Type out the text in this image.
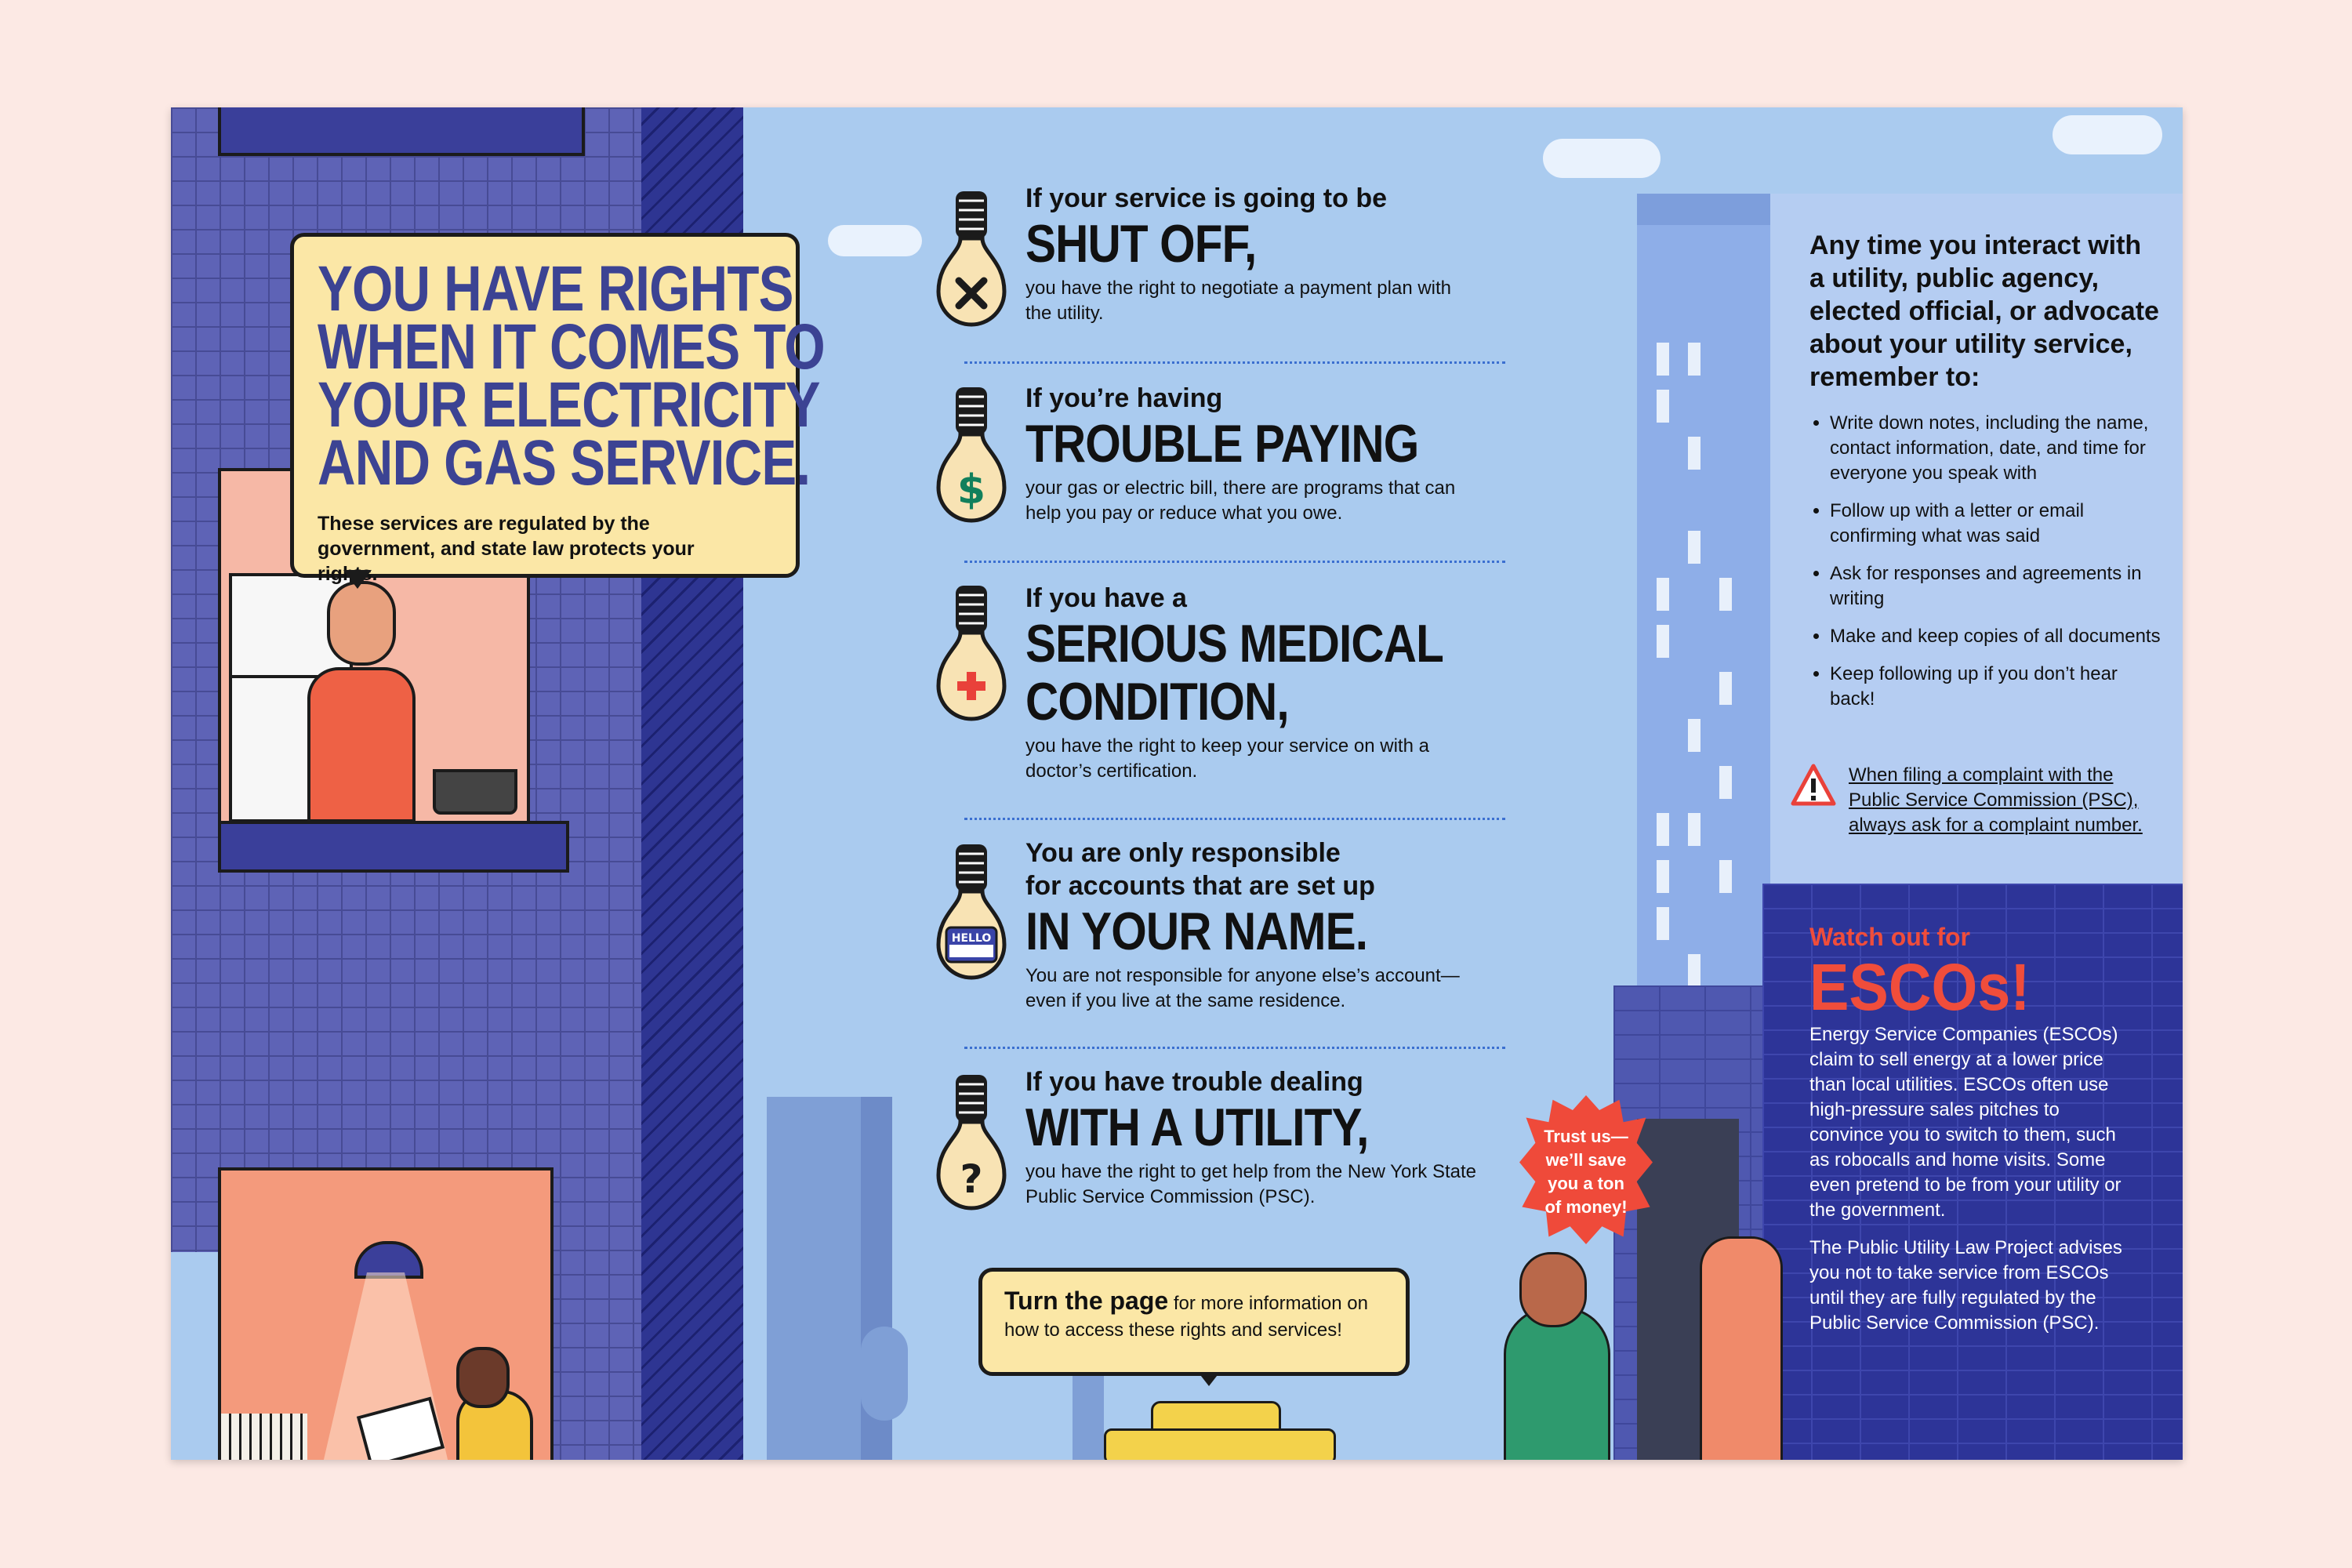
Trust us—we’ll save you a ton of money!
YOU HAVE RIGHTS
WHEN IT COMES TO
YOUR ELECTRICITY
AND GAS SERVICE.
These services are regulated by the government, and state law protects your rights.
If your service is going to be
SHUT OFF,
you have the right to negotiate a payment plan with the utility.
$
If you’re having
TROUBLE PAYING
your gas or electric bill, there are programs that can help you pay or reduce what you owe.
If you have a
SERIOUS MEDICAL
CONDITION,
you have the right to keep your service on with a doctor’s certification.
HELLO
You are only responsible
for accounts that are set up
IN YOUR NAME.
You are not responsible for anyone else’s account—even if you live at the same residence.
?
If you have trouble dealing
WITH A UTILITY,
you have the right to get help from the New York State Public Service Commission (PSC).
Turn the page for more information on how to access these rights and services!
Any time you interact with a utility, public agency, elected official, or advocate about your utility service, remember to:
• Write down notes, including the name, contact information, date, and time for everyone you speak with
• Follow up with a letter or email confirming what was said
• Ask for responses and agreements in writing
• Make and keep copies of all documents
• Keep following up if you don’t hear back!
When filing a complaint with the Public Service Commission (PSC), always ask for a complaint number.
Watch out for
ESCOs!
Energy Service Companies (ESCOs) claim to sell energy at a lower price than local utilities. ESCOs often use high-pressure sales pitches to convince you to switch to them, such as robocalls and home visits. Some even pretend to be from your utility or the government.
The Public Utility Law Project advises you not to take service from ESCOs until they are fully regulated by the Public Service Commission (PSC).
